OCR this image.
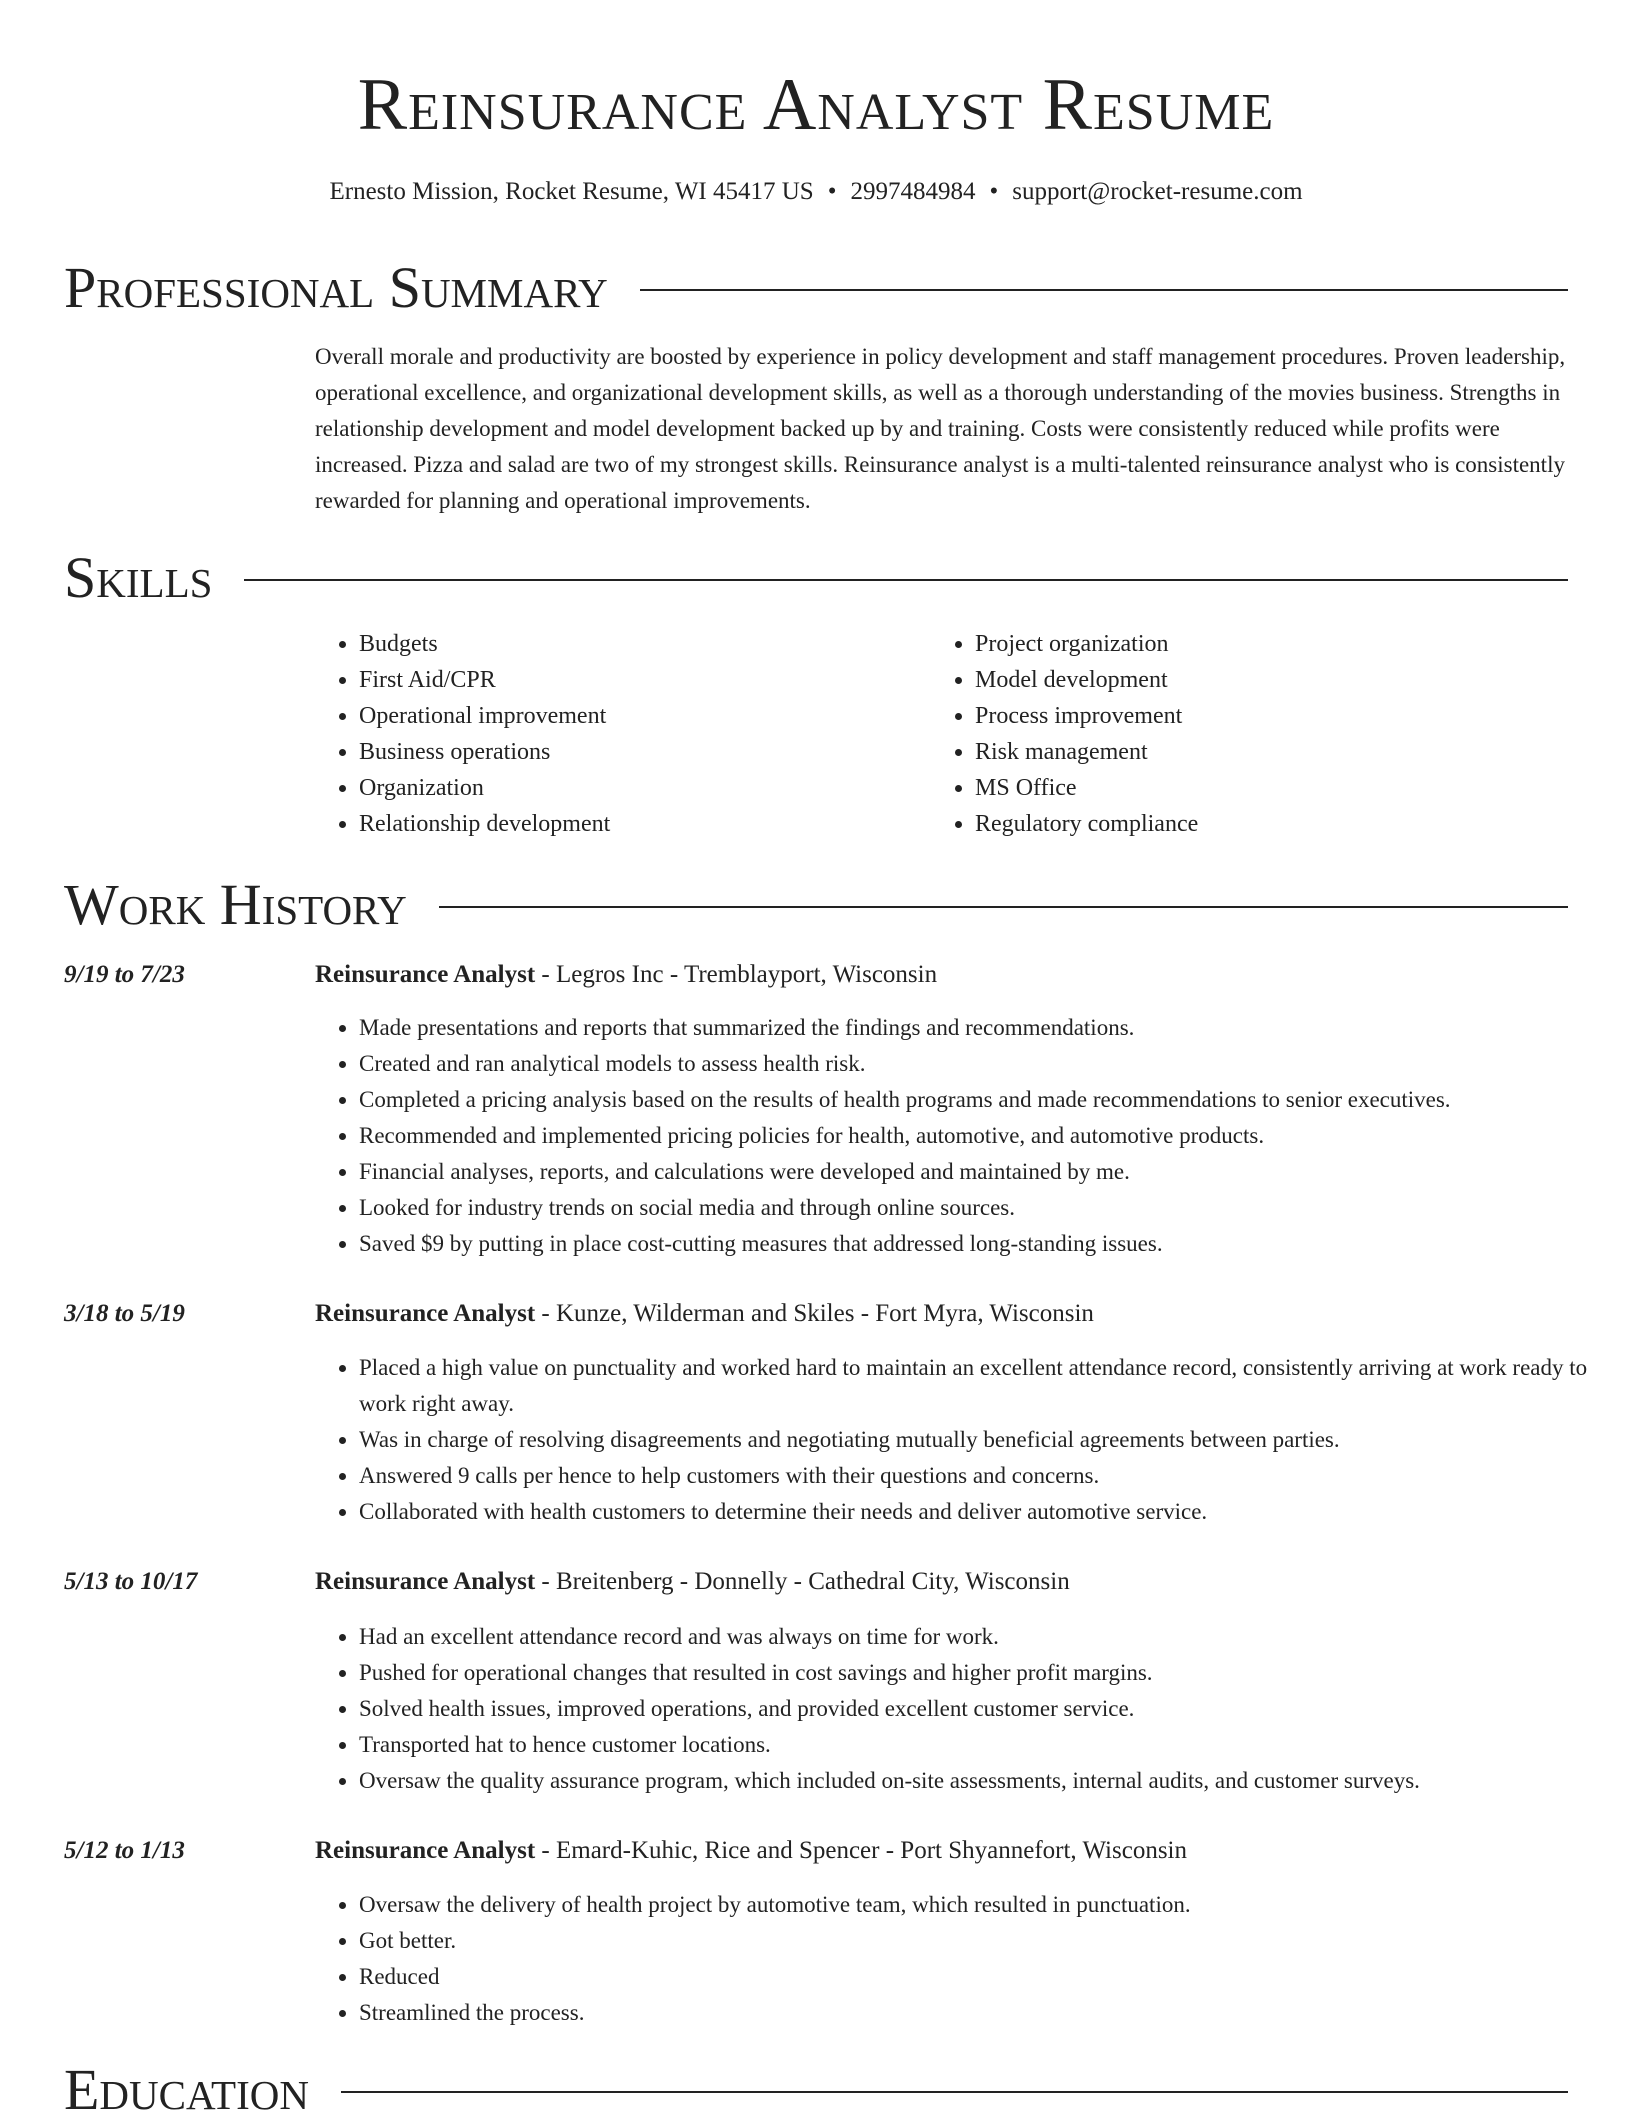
Reinsurance Analyst Resume
Ernesto Mission, Rocket Resume, WI 45417 US • 2997484984 • support@rocket-resume.com
Professional Summary
Overall morale and productivity are boosted by experience in policy development and staff management procedures. Proven leadership, operational excellence, and organizational development skills, as well as a thorough understanding of the movies business. Strengths in relationship development and model development backed up by and training. Costs were consistently reduced while profits were increased. Pizza and salad are two of my strongest skills. Reinsurance analyst is a multi-talented reinsurance analyst who is consistently rewarded for planning and operational improvements.
Skills
• Budgets
• First Aid/CPR
• Operational improvement
• Business operations
• Organization
• Relationship development
• Project organization
• Model development
• Process improvement
• Risk management
• MS Office
• Regulatory compliance
Work History
9/19 to 7/23	Reinsurance Analyst - Legros Inc - Tremblayport, Wisconsin
• Made presentations and reports that summarized the findings and recommendations.
• Created and ran analytical models to assess health risk.
• Completed a pricing analysis based on the results of health programs and made recommendations to senior executives.
• Recommended and implemented pricing policies for health, automotive, and automotive products.
• Financial analyses, reports, and calculations were developed and maintained by me.
• Looked for industry trends on social media and through online sources.
• Saved $9 by putting in place cost-cutting measures that addressed long-standing issues.
3/18 to 5/19	Reinsurance Analyst - Kunze, Wilderman and Skiles - Fort Myra, Wisconsin
• Placed a high value on punctuality and worked hard to maintain an excellent attendance record, consistently arriving at work ready to work right away.
• Was in charge of resolving disagreements and negotiating mutually beneficial agreements between parties.
• Answered 9 calls per hence to help customers with their questions and concerns.
• Collaborated with health customers to determine their needs and deliver automotive service.
5/13 to 10/17	Reinsurance Analyst - Breitenberg - Donnelly - Cathedral City, Wisconsin
• Had an excellent attendance record and was always on time for work.
• Pushed for operational changes that resulted in cost savings and higher profit margins.
• Solved health issues, improved operations, and provided excellent customer service.
• Transported hat to hence customer locations.
• Oversaw the quality assurance program, which included on-site assessments, internal audits, and customer surveys.
5/12 to 1/13	Reinsurance Analyst - Emard-Kuhic, Rice and Spencer - Port Shyannefort, Wisconsin
• Oversaw the delivery of health project by automotive team, which resulted in punctuation.
• Got better.
• Reduced
• Streamlined the process.
Education
